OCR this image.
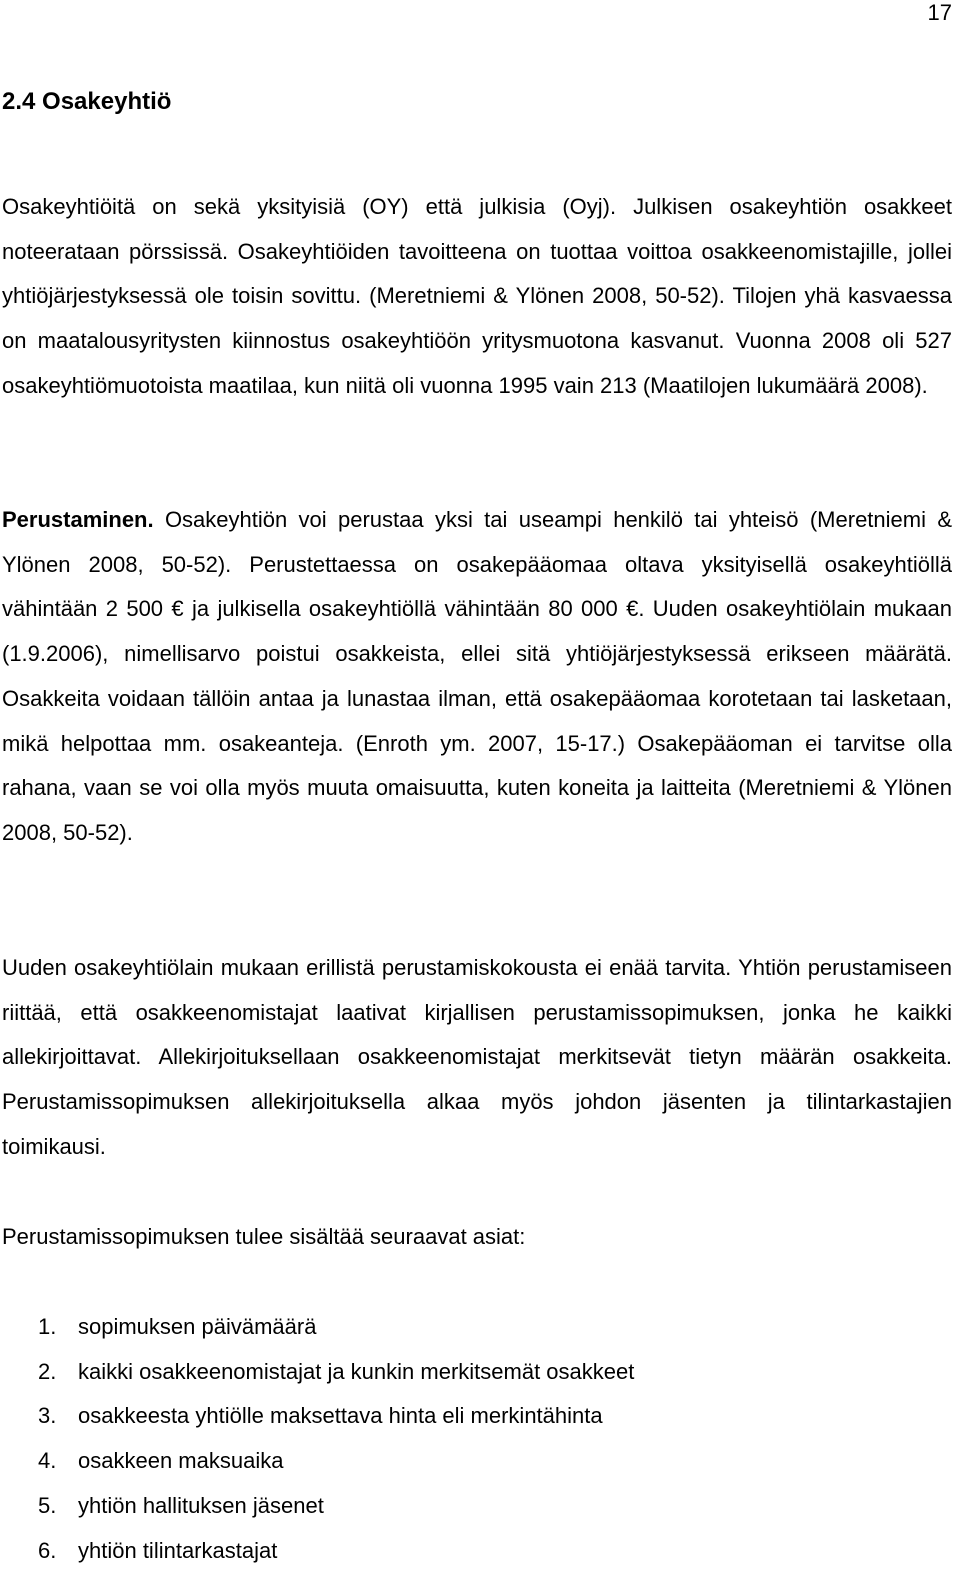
17
2.4 Osakeyhtiö

Osakeyhtiöitä on sekä yksityisiä (OY) että julkisia (Oyj). Julkisen osakeyhtiön osakkeet noteerataan pörssissä. Osakeyhtiöiden tavoitteena on tuottaa voittoa osakkeenomistajille, jollei yhtiöjärjestyksessä ole toisin sovittu. (Meretniemi & Ylönen 2008, 50-52). Tilojen yhä kasvaessa on maatalousyritysten kiinnostus osakeyhtiöön yritysmuotona kasvanut. Vuonna 2008 oli 527 osakeyhtiömuotoista maatilaa, kun niitä oli vuonna 1995 vain 213 (Maatilojen lukumäärä 2008).

Perustaminen. Osakeyhtiön voi perustaa yksi tai useampi henkilö tai yhteisö (Meretniemi & Ylönen 2008, 50-52). Perustettaessa on osakepääomaa oltava yksityisellä osakeyhtiöllä vähintään 2 500 € ja julkisella osakeyhtiöllä vähintään 80 000 €. Uuden osakeyhtiölain mukaan (1.9.2006), nimellisarvo poistui osakkeista, ellei sitä yhtiöjärjestyksessä erikseen määrätä. Osakkeita voidaan tällöin antaa ja lunastaa ilman, että osakepääomaa korotetaan tai lasketaan, mikä helpottaa mm. osakeanteja. (Enroth ym. 2007, 15-17.) Osakepääoman ei tarvitse olla rahana, vaan se voi olla myös muuta omaisuutta, kuten koneita ja laitteita (Meretniemi & Ylönen 2008, 50-52).

Uuden osakeyhtiölain mukaan erillistä perustamiskokousta ei enää tarvita. Yhtiön perustamiseen riittää, että osakkeenomistajat laativat kirjallisen perustamissopimuksen, jonka he kaikki allekirjoittavat. Allekirjoituksellaan osakkeenomistajat merkitsevät tietyn määrän osakkeita. Perustamissopimuksen allekirjoituksella alkaa myös johdon jäsenten ja tilintarkastajien toimikausi.

Perustamissopimuksen tulee sisältää seuraavat asiat:

1. sopimuksen päivämäärä
2. kaikki osakkeenomistajat ja kunkin merkitsemät osakkeet
3. osakkeesta yhtiölle maksettava hinta eli merkintähinta
4. osakkeen maksuaika
5. yhtiön hallituksen jäsenet
6. yhtiön tilintarkastajat
